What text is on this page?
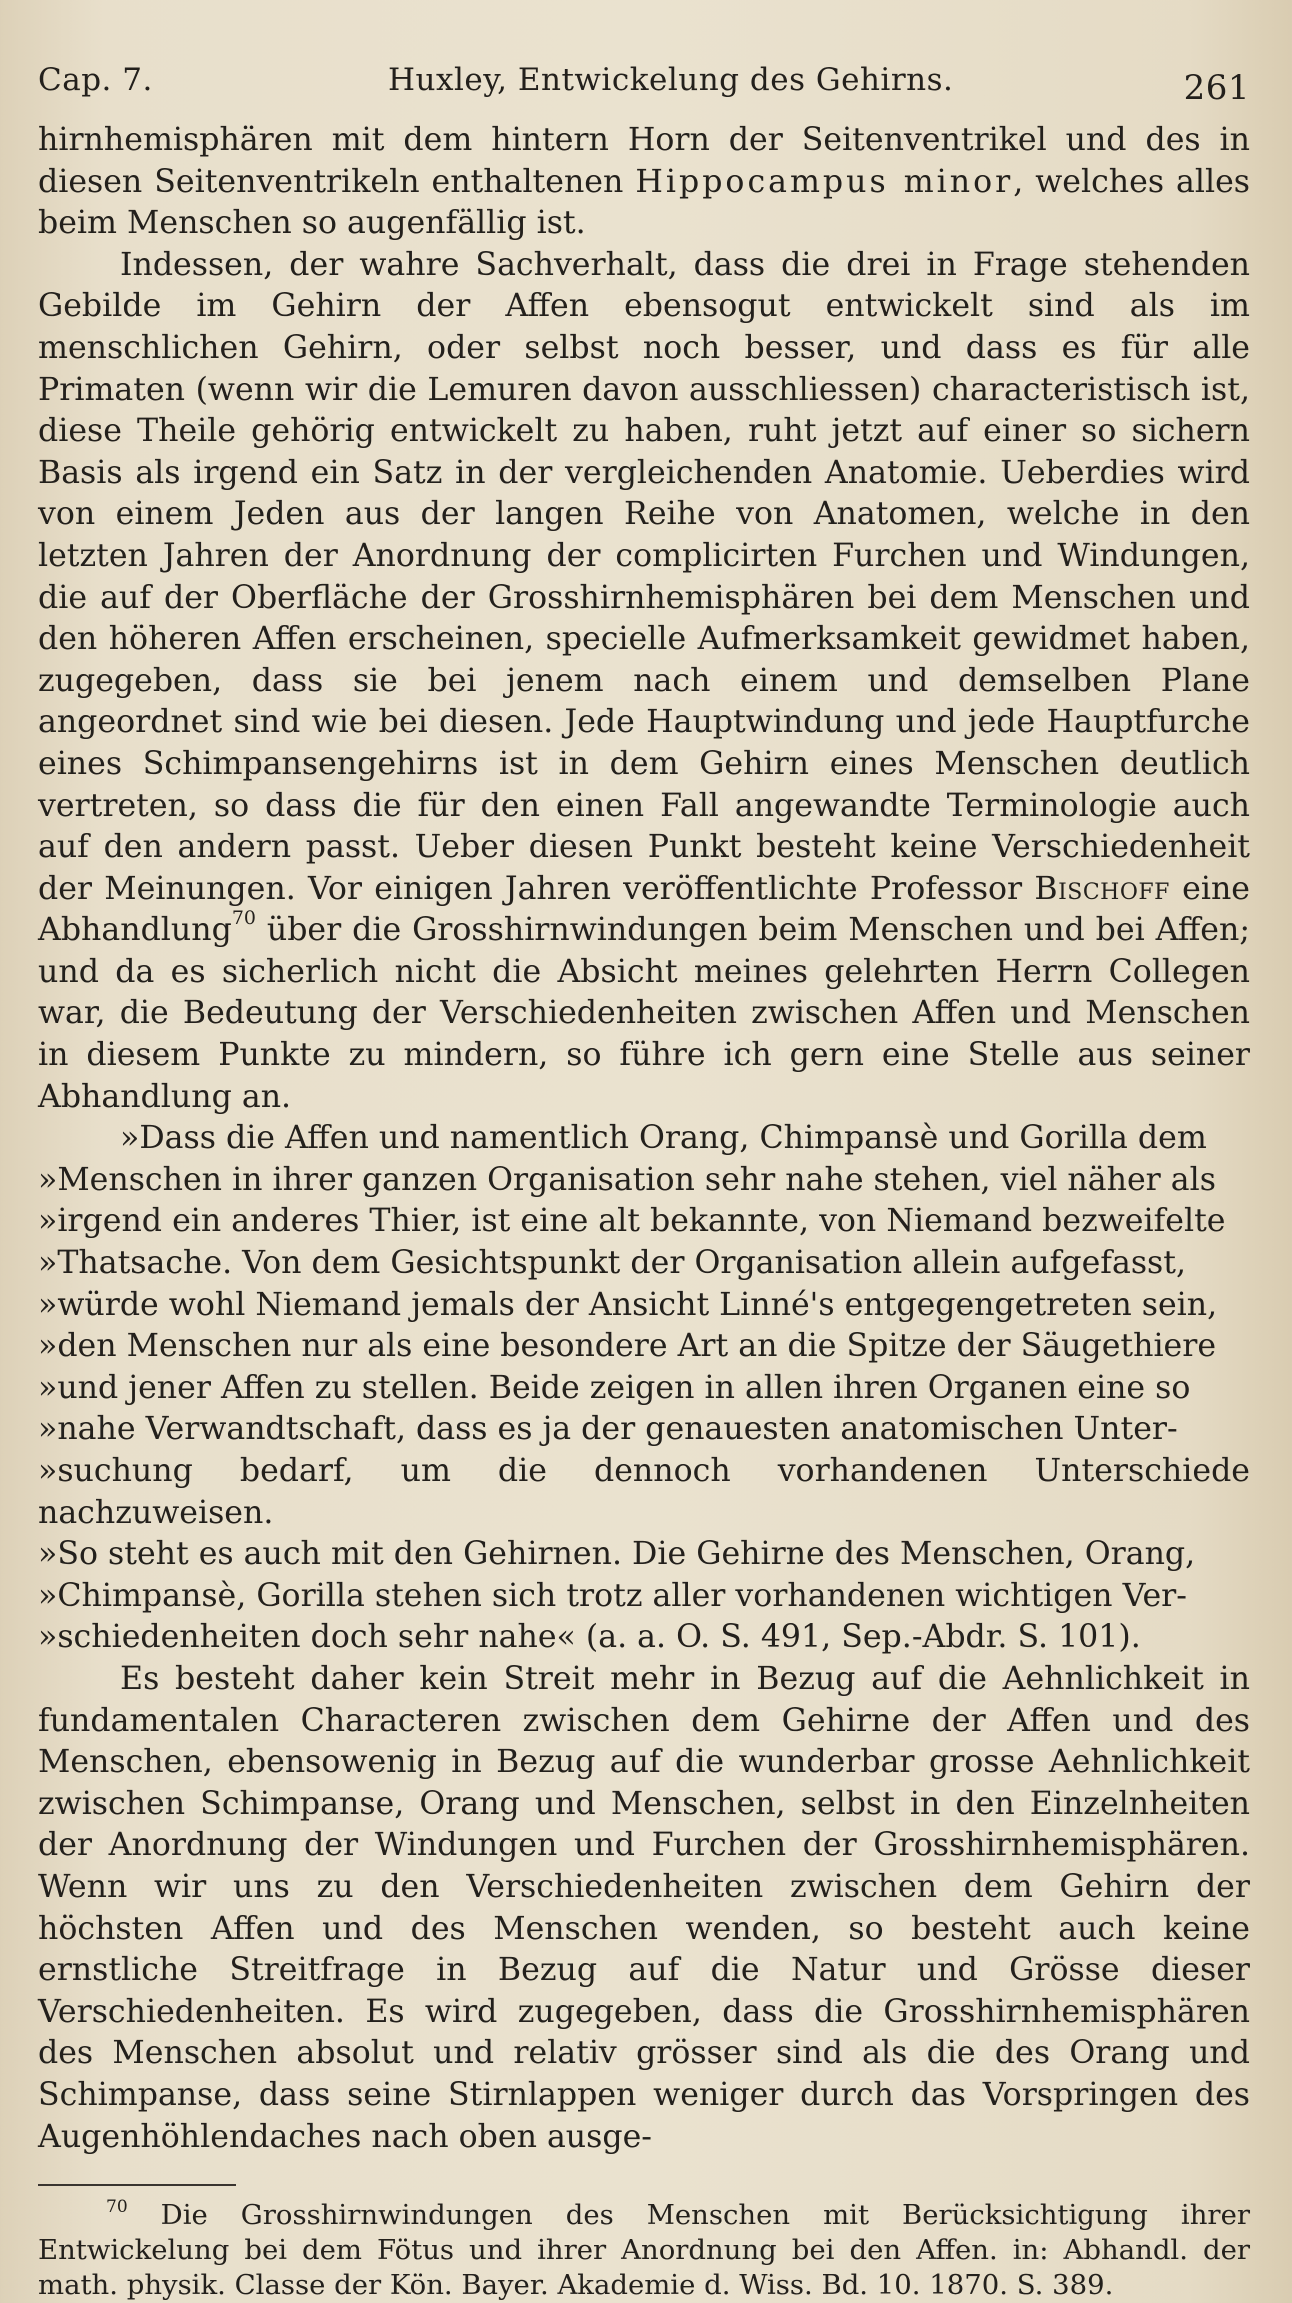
Cap. 7.	Huxley, Entwickelung des Gehirns.	261

hirnhemisphären mit dem hintern Horn der Seitenventrikel und des in diesen Seitenventrikeln enthaltenen Hippocampus minor, welches alles beim Menschen so augenfällig ist.

Indessen, der wahre Sachverhalt, dass die drei in Frage stehenden Gebilde im Gehirn der Affen ebensogut entwickelt sind als im menschlichen Gehirn, oder selbst noch besser, und dass es für alle Primaten (wenn wir die Lemuren davon ausschliessen) characteristisch ist, diese Theile gehörig entwickelt zu haben, ruht jetzt auf einer so sichern Basis als irgend ein Satz in der vergleichenden Anatomie. Ueberdies wird von einem Jeden aus der langen Reihe von Anatomen, welche in den letzten Jahren der Anordnung der complicirten Furchen und Windungen, die auf der Oberfläche der Grosshirnhemisphären bei dem Menschen und den höheren Affen erscheinen, specielle Aufmerksamkeit gewidmet haben, zugegeben, dass sie bei jenem nach einem und demselben Plane angeordnet sind wie bei diesen. Jede Hauptwindung und jede Hauptfurche eines Schimpansengehirns ist in dem Gehirn eines Menschen deutlich vertreten, so dass die für den einen Fall angewandte Terminologie auch auf den andern passt. Ueber diesen Punkt besteht keine Verschiedenheit der Meinungen. Vor einigen Jahren veröffentlichte Professor Bischoff eine Abhandlung$^{70}$ über die Grosshirnwindungen beim Menschen und bei Affen; und da es sicherlich nicht die Absicht meines gelehrten Herrn Collegen war, die Bedeutung der Verschiedenheiten zwischen Affen und Menschen in diesem Punkte zu mindern, so führe ich gern eine Stelle aus seiner Abhandlung an.

»Dass die Affen und namentlich Orang, Chimpansè und Gorilla dem

»Menschen in ihrer ganzen Organisation sehr nahe stehen, viel näher als

»irgend ein anderes Thier, ist eine alt bekannte, von Niemand bezweifelte

»Thatsache. Von dem Gesichtspunkt der Organisation allein aufgefasst,

»würde wohl Niemand jemals der Ansicht Linné's entgegengetreten sein,

»den Menschen nur als eine besondere Art an die Spitze der Säugethiere

»und jener Affen zu stellen. Beide zeigen in allen ihren Organen eine so

»nahe Verwandtschaft, dass es ja der genauesten anatomischen Unter-

»suchung bedarf, um die dennoch vorhandenen Unterschiede nachzuweisen.

»So steht es auch mit den Gehirnen. Die Gehirne des Menschen, Orang,

»Chimpansè, Gorilla stehen sich trotz aller vorhandenen wichtigen Ver-

»schiedenheiten doch sehr nahe« (a. a. O. S. 491, Sep.-Abdr. S. 101).

Es besteht daher kein Streit mehr in Bezug auf die Aehnlichkeit in fundamentalen Characteren zwischen dem Gehirne der Affen und des Menschen, ebensowenig in Bezug auf die wunderbar grosse Aehnlichkeit zwischen Schimpanse, Orang und Menschen, selbst in den Einzelnheiten der Anordnung der Windungen und Furchen der Grosshirnhemisphären. Wenn wir uns zu den Verschiedenheiten zwischen dem Gehirn der höchsten Affen und des Menschen wenden, so besteht auch keine ernstliche Streitfrage in Bezug auf die Natur und Grösse dieser Verschiedenheiten. Es wird zugegeben, dass die Grosshirnhemisphären des Menschen absolut und relativ grösser sind als die des Orang und Schimpanse, dass seine Stirnlappen weniger durch das Vorspringen des Augenhöhlendaches nach oben ausge-

$^{70}$ Die Grosshirnwindungen des Menschen mit Berücksichtigung ihrer Entwickelung bei dem Fötus und ihrer Anordnung bei den Affen. in: Abhandl. der math. physik. Classe der Kön. Bayer. Akademie d. Wiss. Bd. 10. 1870. S. 389.
